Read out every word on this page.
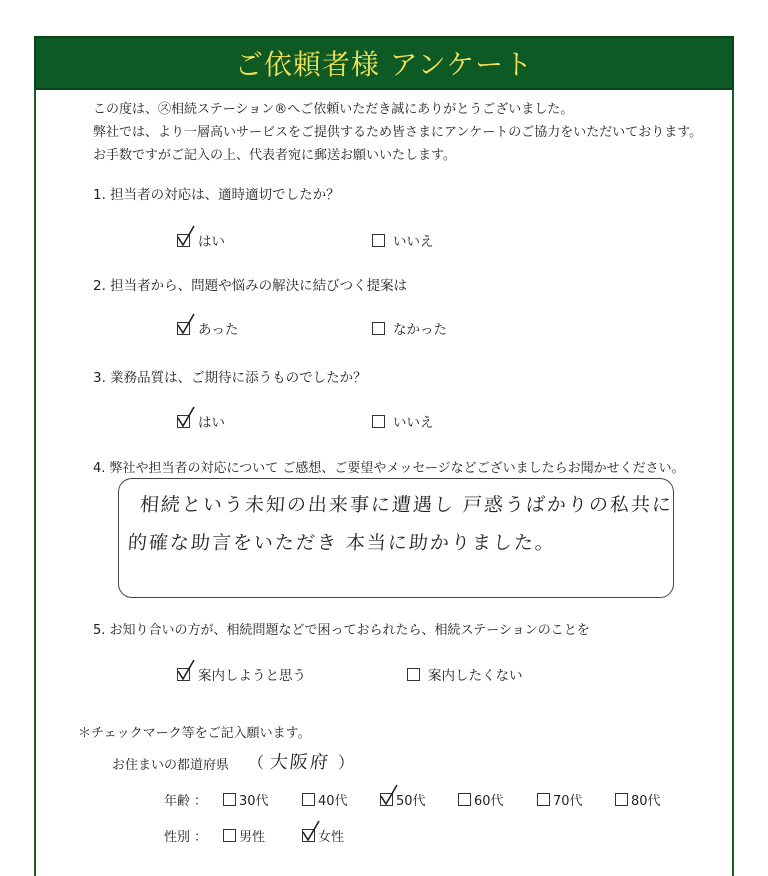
ご依頼者様 アンケート
この度は、㋜相続ステーション®へご依頼いただき誠にありがとうございました。
弊社では、より一層高いサービスをご提供するため皆さまにアンケートのご協力をいただいております。
お手数ですがご記入の上、代表者宛に郵送お願いいたします。
1. 担当者の対応は、適時適切でしたか？
はい	いいえ
2. 担当者から、問題や悩みの解決に結びつく提案は
あった	なかった
3. 業務品質は、ご期待に添うものでしたか？
はい	いいえ
4. 弊社や担当者の対応について ご感想、ご要望やメッセージなどございましたらお聞かせください。
相続という未知の出来事に遭遇し 戸惑うばかりの私共に
的確な助言をいただき 本当に助かりました。
5. お知り合いの方が、相続問題などで困っておられたら、相続ステーションのことを
案内しようと思う	案内したくない
＊チェックマーク等をご記入願います。
お住まいの都道府県 （ 大阪府 ）
年齢 ： 30代	40代	50代	60代	70代	80代
性別 ： 男性	女性
